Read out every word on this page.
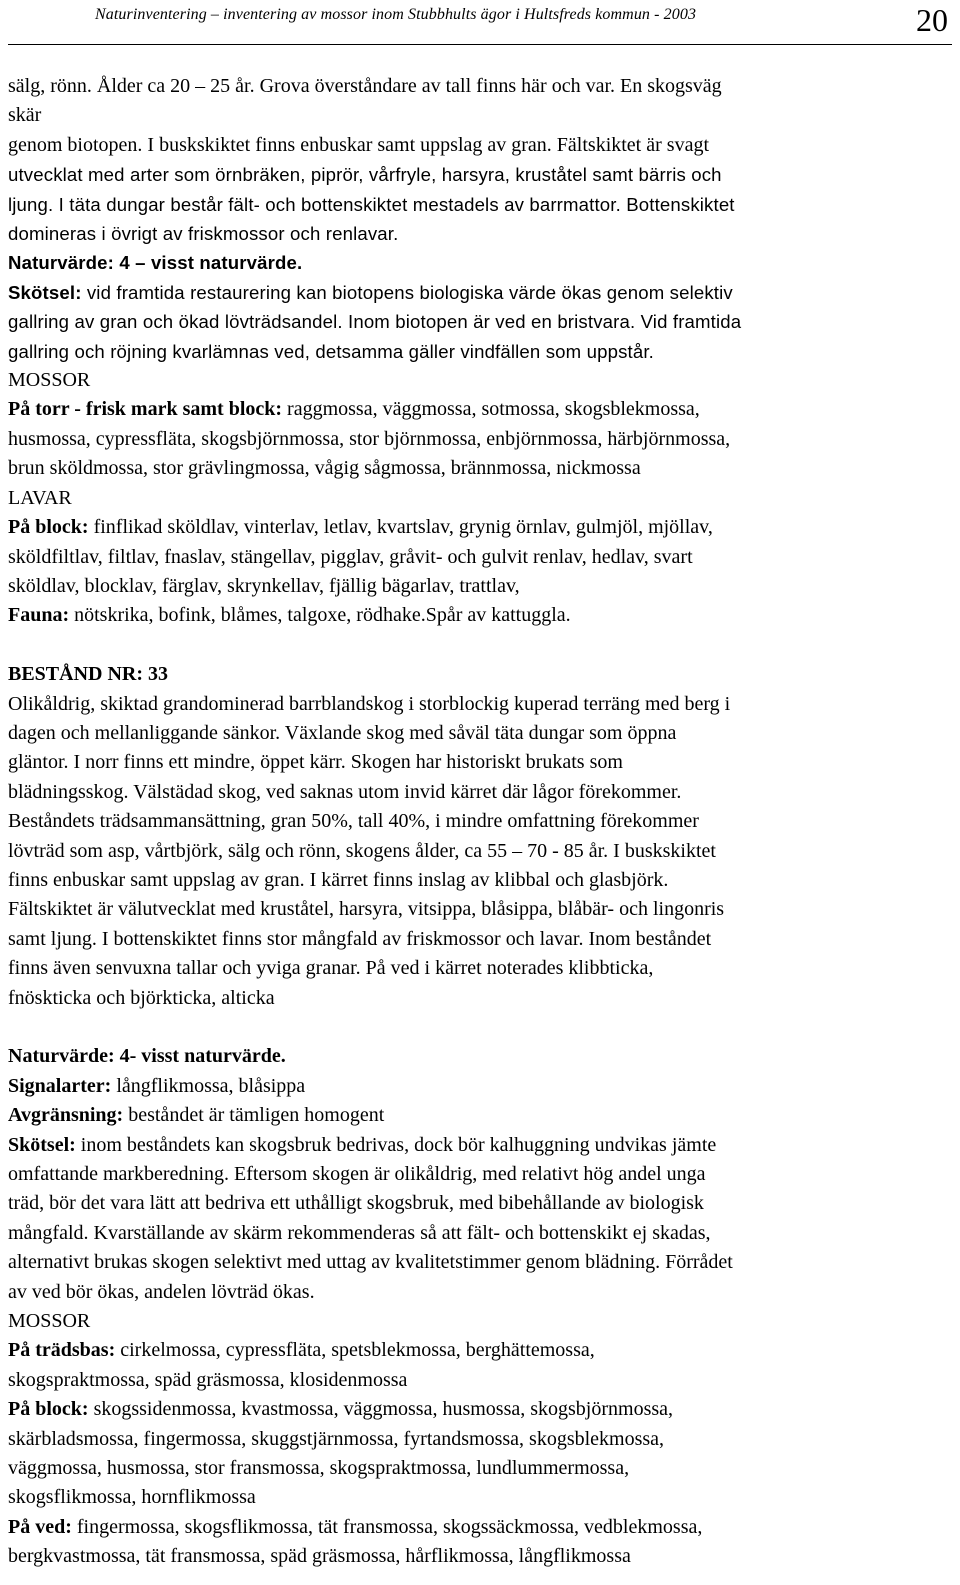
Naturinventering – inventering av mossor inom Stubbhults ägor i Hultsfreds kommun - 2003	20

sälg, rönn. Ålder ca 20 – 25 år. Grova överståndare av tall finns här och var. En skogsväg

skär

genom biotopen. I buskskiktet finns enbuskar samt uppslag av gran. Fältskiktet är svagt

utvecklat med arter som örnbräken, piprör, vårfryle, harsyra, kruståtel samt bärris och

ljung. I täta dungar består fält- och bottenskiktet mestadels av barrmattor. Bottenskiktet

domineras i övrigt av friskmossor och renlavar.

Naturvärde: 4 – visst naturvärde.

Skötsel: vid framtida restaurering kan biotopens biologiska värde ökas genom selektiv

gallring av gran och ökad lövträdsandel. Inom biotopen är ved en bristvara. Vid framtida

gallring och röjning kvarlämnas ved, detsamma gäller vindfällen som uppstår.

MOSSOR

På torr - frisk mark samt block: raggmossa, väggmossa, sotmossa, skogsblekmossa,

husmossa, cypressfläta, skogsbjörnmossa, stor björnmossa, enbjörnmossa, härbjörnmossa,

brun sköldmossa, stor grävlingmossa, vågig sågmossa, brännmossa, nickmossa

LAVAR

På block: finflikad sköldlav, vinterlav, letlav, kvartslav, grynig örnlav, gulmjöl, mjöllav,

sköldfiltlav, filtlav, fnaslav, stängellav, pigglav, gråvit- och gulvit renlav, hedlav, svart

sköldlav, blocklav, färglav, skrynkellav, fjällig bägarlav, trattlav,

Fauna: nötskrika, bofink, blåmes, talgoxe, rödhake.Spår av kattuggla.

BESTÅND NR: 33

Olikåldrig, skiktad grandominerad barrblandskog i storblockig kuperad terräng med berg i

dagen och mellanliggande sänkor. Växlande skog med såväl täta dungar som öppna

gläntor. I norr finns ett mindre, öppet kärr. Skogen har historiskt brukats som

blädningsskog. Välstädad skog, ved saknas utom invid kärret där lågor förekommer.

Beståndets trädsammansättning, gran 50%, tall 40%, i mindre omfattning förekommer

lövträd som asp, vårtbjörk, sälg och rönn, skogens ålder, ca 55 – 70 - 85 år. I buskskiktet

finns enbuskar samt uppslag av gran. I kärret finns inslag av klibbal och glasbjörk.

Fältskiktet är välutvecklat med kruståtel, harsyra, vitsippa, blåsippa, blåbär- och lingonris

samt ljung. I bottenskiktet finns stor mångfald av friskmossor och lavar. Inom beståndet

finns även senvuxna tallar och yviga granar. På ved i kärret noterades klibbticka,

fnöskticka och björkticka, alticka

Naturvärde: 4- visst naturvärde.

Signalarter: långflikmossa, blåsippa

Avgränsning: beståndet är tämligen homogent

Skötsel: inom beståndets kan skogsbruk bedrivas, dock bör kalhuggning undvikas jämte

omfattande markberedning. Eftersom skogen är olikåldrig, med relativt hög andel unga

träd, bör det vara lätt att bedriva ett uthålligt skogsbruk, med bibehållande av biologisk

mångfald. Kvarställande av skärm rekommenderas så att fält- och bottenskikt ej skadas,

alternativt brukas skogen selektivt med uttag av kvalitetstimmer genom blädning. Förrådet

av ved bör ökas, andelen lövträd ökas.

MOSSOR

På trädsbas: cirkelmossa, cypressfläta, spetsblekmossa, berghättemossa,

skogspraktmossa, späd gräsmossa, klosidenmossa

På block: skogssidenmossa, kvastmossa, väggmossa, husmossa, skogsbjörnmossa,

skärbladsmossa, fingermossa, skuggstjärnmossa, fyrtandsmossa, skogsblekmossa,

väggmossa, husmossa, stor fransmossa, skogspraktmossa, lundlummermossa,

skogsflikmossa, hornflikmossa

På ved: fingermossa, skogsflikmossa, tät fransmossa, skogssäckmossa, vedblekmossa,

bergkvastmossa, tät fransmossa, späd gräsmossa, hårflikmossa, långflikmossa
